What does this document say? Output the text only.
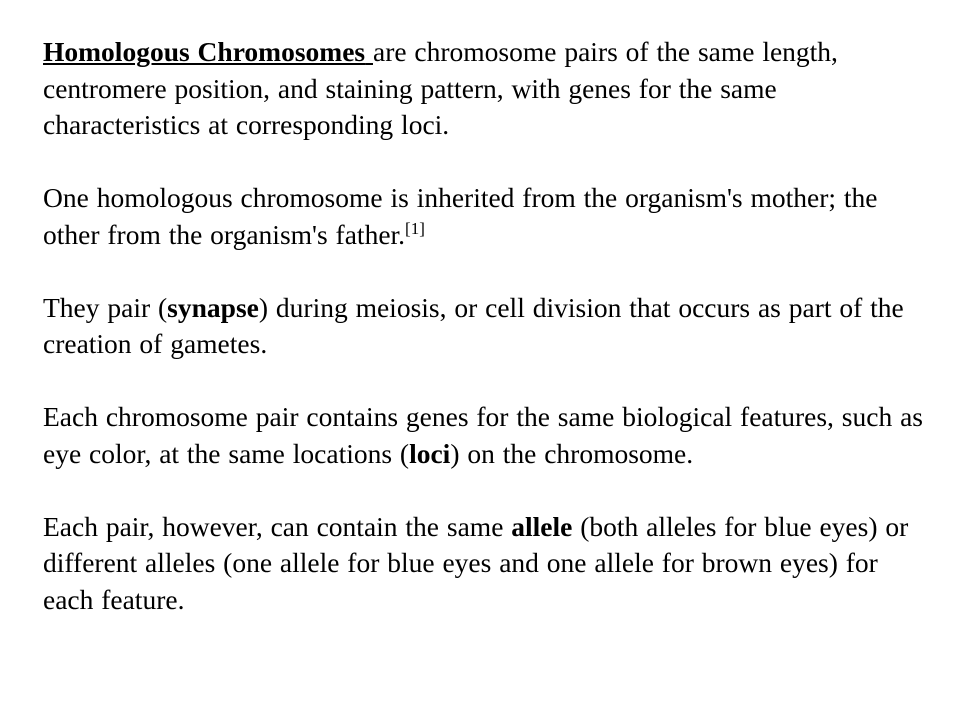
Homologous Chromosomes are chromosome pairs of the same length, centromere position, and staining pattern, with genes for the same characteristics at corresponding loci.

One homologous chromosome is inherited from the organism's mother; the other from the organism's father.[1]

They pair (synapse) during meiosis, or cell division that occurs as part of the creation of gametes.

Each chromosome pair contains genes for the same biological features, such as eye color, at the same locations (loci) on the chromosome.

Each pair, however, can contain the same allele (both alleles for blue eyes) or different alleles (one allele for blue eyes and one allele for brown eyes) for each feature.
